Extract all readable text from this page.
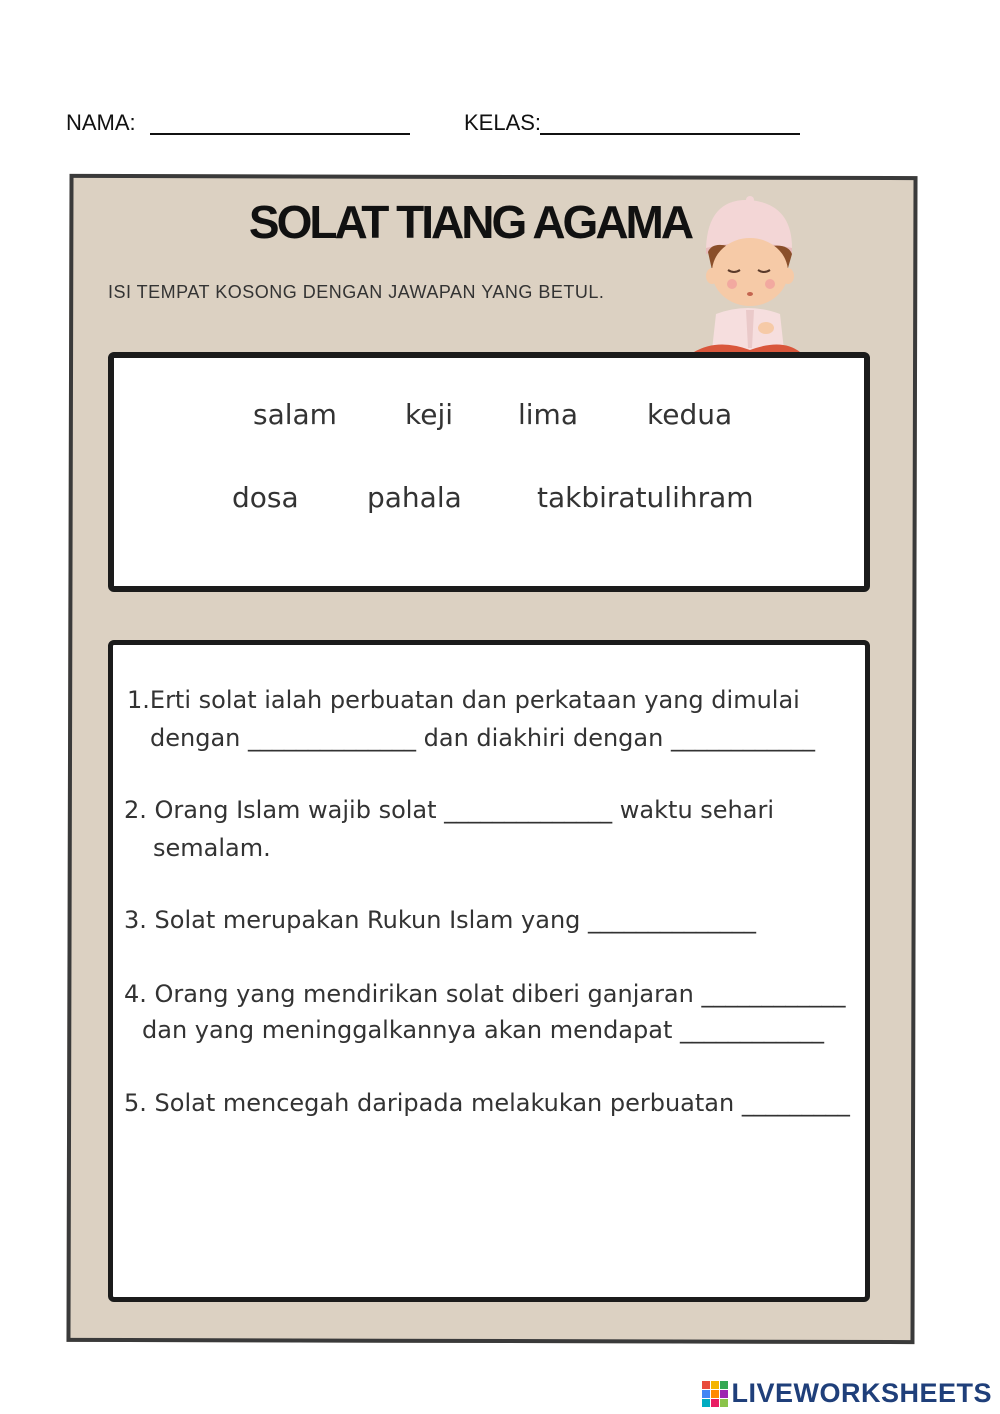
NAMA:	KELAS:
SOLAT TIANG AGAMA
ISI TEMPAT KOSONG DENGAN JAWAPAN YANG BETUL.
salam keji lima kedua
dosa pahala	takbiratulihram
1.Erti solat ialah perbuatan dan perkataan yang dimulai
dengan ______________ dan diakhiri dengan ____________
2. Orang Islam wajib solat ______________ waktu sehari
semalam.
3. Solat merupakan Rukun Islam yang ______________
4. Orang yang mendirikan solat diberi ganjaran ____________
dan yang meninggalkannya akan mendapat ____________
5. Solat mencegah daripada melakukan perbuatan _________
LIVEWORKSHEETS
